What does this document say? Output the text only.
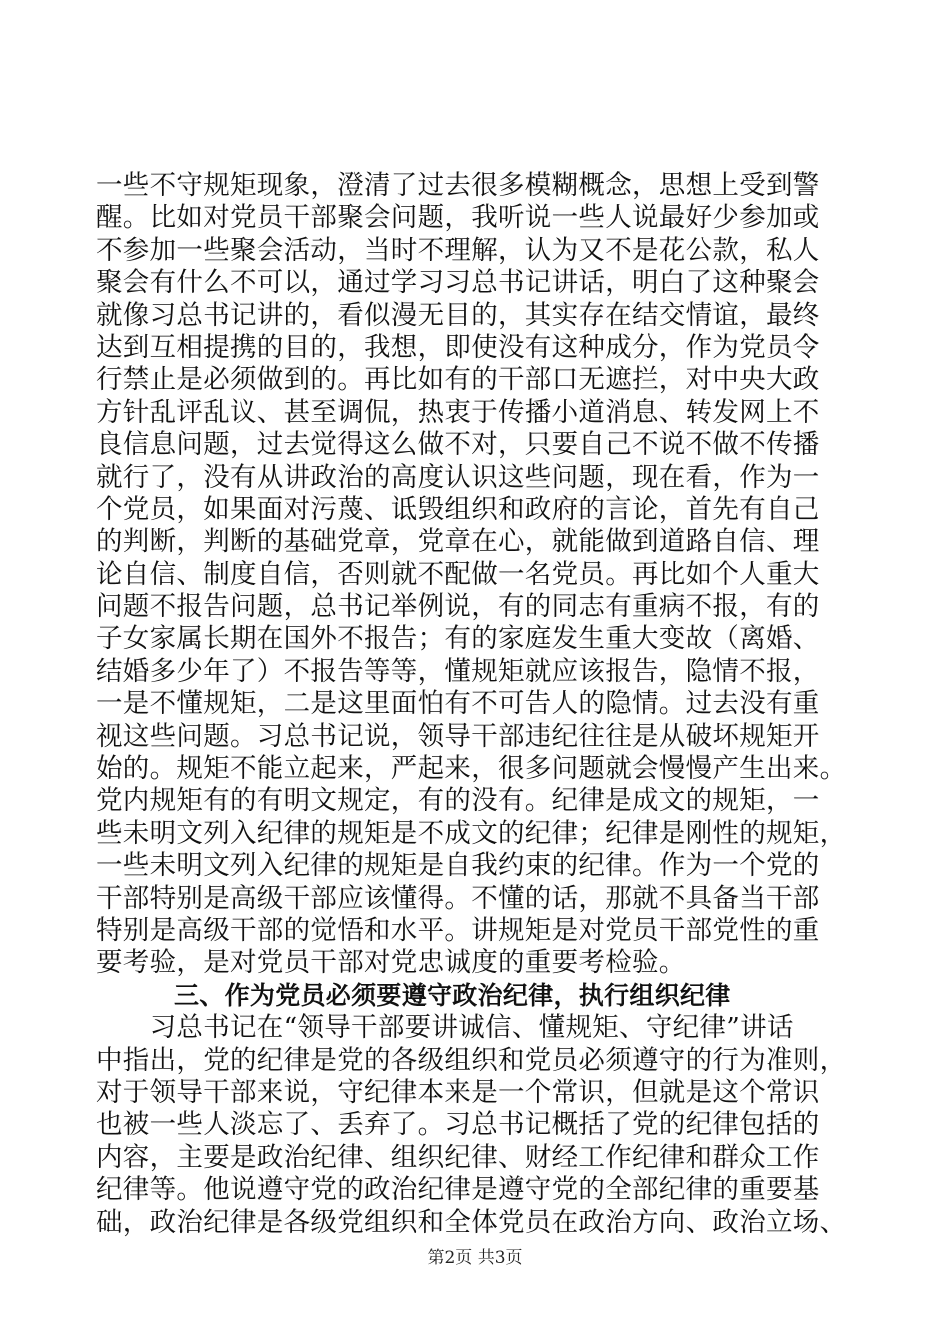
一些不守规矩现象，澄清了过去很多模糊概念，思想上受到警
醒。比如对党员干部聚会问题，我听说一些人说最好少参加或
不参加一些聚会活动，当时不理解，认为又不是花公款，私人
聚会有什么不可以，通过学习习总书记讲话，明白了这种聚会
就像习总书记讲的，看似漫无目的，其实存在结交情谊，最终
达到互相提携的目的，我想，即使没有这种成分，作为党员令
行禁止是必须做到的。再比如有的干部口无遮拦，对中央大政
方针乱评乱议、甚至调侃，热衷于传播小道消息、转发网上不
良信息问题，过去觉得这么做不对，只要自己不说不做不传播
就行了，没有从讲政治的高度认识这些问题，现在看，作为一
个党员，如果面对污蔑、诋毁组织和政府的言论，首先有自己
的判断，判断的基础党章，党章在心，就能做到道路自信、理
论自信、制度自信，否则就不配做一名党员。再比如个人重大
问题不报告问题，总书记举例说，有的同志有重病不报，有的
子女家属长期在国外不报告；有的家庭发生重大变故（离婚、
结婚多少年了）不报告等等，懂规矩就应该报告，隐情不报，
一是不懂规矩，二是这里面怕有不可告人的隐情。过去没有重
视这些问题。习总书记说，领导干部违纪往往是从破坏规矩开
始的。规矩不能立起来，严起来，很多问题就会慢慢产生出来。
党内规矩有的有明文规定，有的没有。纪律是成文的规矩，一
些未明文列入纪律的规矩是不成文的纪律；纪律是刚性的规矩，
一些未明文列入纪律的规矩是自我约束的纪律。作为一个党的
干部特别是高级干部应该懂得。不懂的话，那就不具备当干部
特别是高级干部的觉悟和水平。讲规矩是对党员干部党性的重
要考验，是对党员干部对党忠诚度的重要考检验。
三、作为党员必须要遵守政治纪律，执行组织纪律
　　习总书记在“领导干部要讲诚信、懂规矩、守纪律”讲话
中指出，党的纪律是党的各级组织和党员必须遵守的行为准则，
对于领导干部来说，守纪律本来是一个常识，但就是这个常识
也被一些人淡忘了、丢弃了。习总书记概括了党的纪律包括的
内容，主要是政治纪律、组织纪律、财经工作纪律和群众工作
纪律等。他说遵守党的政治纪律是遵守党的全部纪律的重要基
础，政治纪律是各级党组织和全体党员在政治方向、政治立场、
第2页 共3页
